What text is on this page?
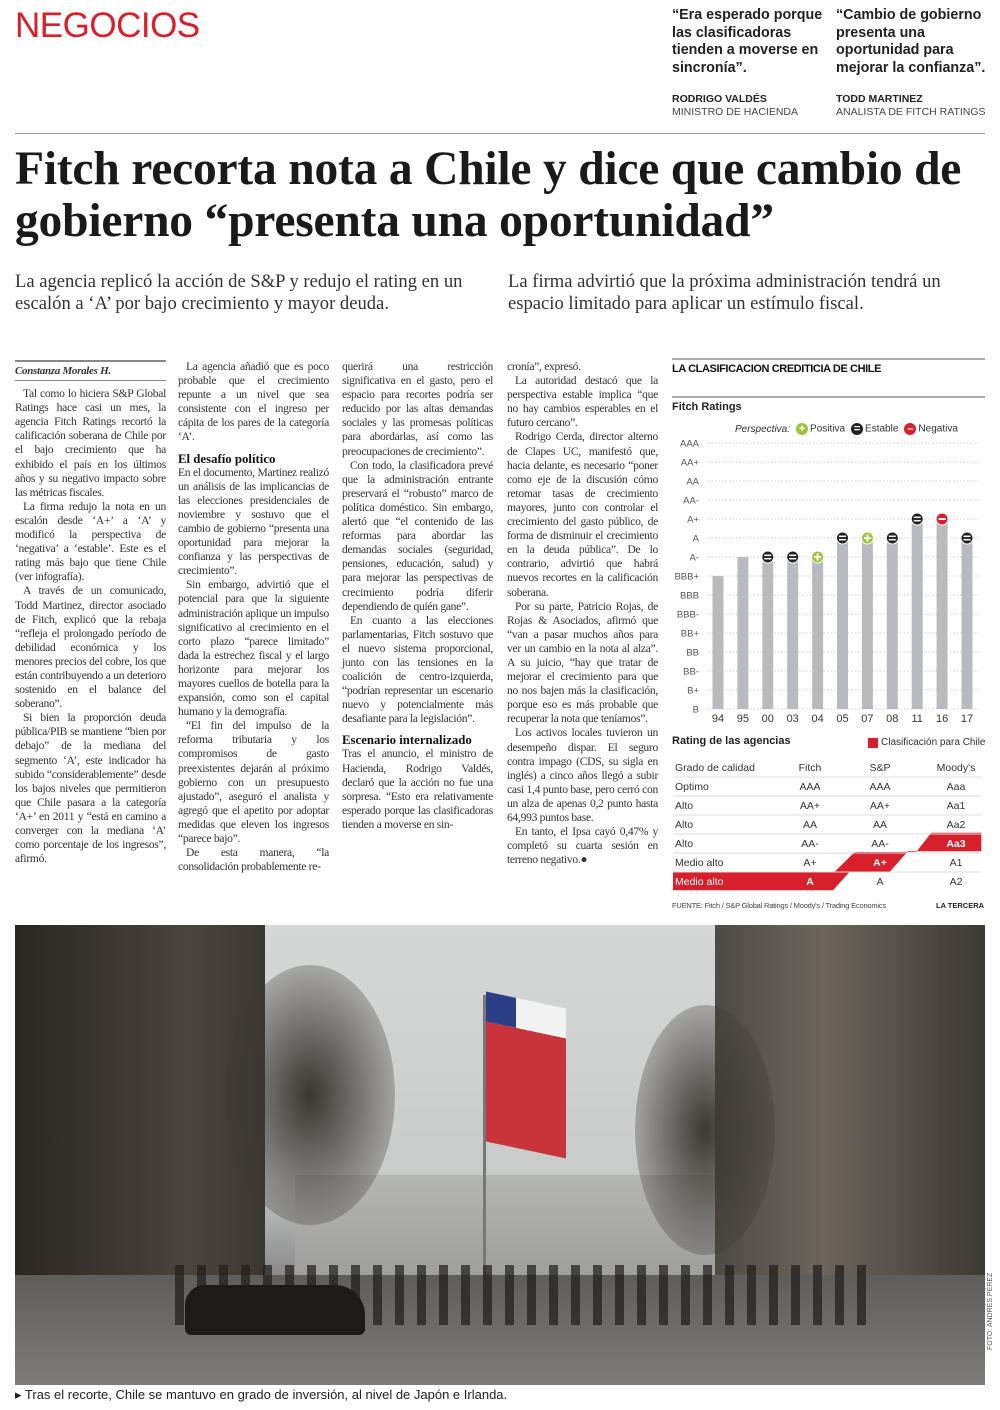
NEGOCIOS	“Era esperado porque las clasificadoras tienden a moverse en sincronía”.
RODRIGO VALDÉS
MINISTRO DE HACIENDA
“Cambio de gobierno presenta una oportunidad para mejorar la confianza”.
TODD MARTINEZ
ANALISTA DE FITCH RATINGS
Fitch recorta nota a Chile y dice que cambio de gobierno “presenta una oportunidad”
La agencia replicó la acción de S&P y redujo el rating en un escalón a ‘A’ por bajo crecimiento y mayor deuda.
La firma advirtió que la próxima administración tendrá un espacio limitado para aplicar un estímulo fiscal.
Constanza Morales H.

Tal como lo hiciera S&P Global Ratings hace casi un mes, la agencia Fitch Ratings recortó la calificación soberana de Chile por el bajo crecimiento que ha exhibido el país en los últimos años y su negativo impacto sobre las métricas fiscales.

La firma redujo la nota en un escalón desde ‘A+’ a ‘A’ y modificó la perspectiva de ‘negativa’ a ‘estable’. Este es el rating más bajo que tiene Chile (ver infografía).

A través de un comunicado, Todd Martinez, director asociado de Fitch, explicó que la rebaja “refleja el prolongado período de debilidad económica y los menores precios del cobre, los que están contribuyendo a un deterioro sostenido en el balance del soberano”.

Si bien la proporción deuda pública/PIB se mantiene “bien por debajo” de la mediana del segmento ‘A’, este indicador ha subido “considerablemente” desde los bajos niveles que permitieron que Chile pasara a la categoría ‘A+’ en 2011 y “está en camino a converger con la mediana ‘A’ como porcentaje de los ingresos”, afirmó.

La agencia añadió que es poco probable que el crecimiento repunte a un nivel que sea consistente con el ingreso per cápita de los pares de la categoría ‘A’.

El desafío político

En el documento, Martinez realizó un análisis de las implicancias de las elecciones presidenciales de noviembre y sostuvo que el cambio de gobierno “presenta una oportunidad para mejorar la confianza y las perspectivas de crecimiento”.

Sin embargo, advirtió que el potencial para que la siguiente administración aplique un impulso significativo al crecimiento en el corto plazo “parece limitado” dada la estrechez fiscal y el largo horizonte para mejorar los mayores cuellos de botella para la expansión, como son el capital humano y la demografía.

“El fin del impulso de la reforma tributaria y los compromisos de gasto preexistentes dejarán al próximo gobierno con un presupuesto ajustado”, aseguró el analista y agregó que el apetito por adoptar medidas que eleven los ingresos “parece bajo”.

De esta manera, “la consolidación probablemente re-

querirá una restricción significativa en el gasto, pero el espacio para recortes podría ser reducido por las altas demandas sociales y las promesas políticas para abordarlas, así como las preocupaciones de crecimiento”.

Con todo, la clasificadora prevé que la administración entrante preservará el “robusto” marco de política doméstico. Sin embargo, alertó que “el contenido de las reformas para abordar las demandas sociales (seguridad, pensiones, educación, salud) y para mejorar las perspectivas de crecimiento podría diferir dependiendo de quién gane”.

En cuanto a las elecciones parlamentarias, Fitch sostuvo que el nuevo sistema proporcional, junto con las tensiones en la coalición de centro-izquierda, “podrían representar un escenario nuevo y potencialmente más desafiante para la legislación”.

Escenario internalizado

Tras el anuncio, el ministro de Hacienda, Rodrigo Valdés, declaró que la acción no fue una sorpresa. “Esto era relativamente esperado porque las clasificadoras tienden a moverse en sin-

cronía”, expresó.

La autoridad destacó que la perspectiva estable implica “que no hay cambios esperables en el futuro cercano”.

Rodrigo Cerda, director alterno de Clapes UC, manifestó que, hacia delante, es necesario “poner como eje de la discusión cómo retomar tasas de crecimiento mayores, junto con controlar el crecimiento del gasto público, de forma de disminuir el crecimiento en la deuda pública”. De lo contrario, advirtió que habrá nuevos recortes en la calificación soberana.

Por su parte, Patricio Rojas, de Rojas & Asociados, afirmó que “van a pasar muchos años para ver un cambio en la nota al alza”. A su juicio, “hay que tratar de mejorar el crecimiento para que no nos bajen más la clasificación, porque eso es más probable que recuperar la nota que teníamos”.

Los activos locales tuvieron un desempeño dispar. El seguro contra impago (CDS, su sigla en inglés) a cinco años llegó a subir casi 1,4 punto base, pero cerró con un alza de apenas 0,2 punto hasta 64,993 puntos base.

En tanto, el Ipsa cayó 0,47% y completó su cuarta sesión en terreno negativo.●

LA CLASIFICACION CREDITICIA DE CHILE
Fitch Ratings
Perspectiva: + Positiva = Estable – Negativa
AAA
AA+
AA
AA-
A+
A
A-
BBB+
BBB
BBB-
BB+
BB
BB-
B+
B
94 95 00 03 04 05 07 08 11 16 17
Rating de las agencias	Clasificación para Chile
Grado de calidad	Fitch	S&P	Moody's
Optimo	AAA	AAA	Aaa
Alto	AA+	AA+	Aa1
Alto	AA	AA	Aa2
Alto	AA-	AA-	Aa3
Medio alto	A+	A+	A1
Medio alto	A	A	A2
FUENTE: Fitch / S&P Global Ratings / Moody's / Trading Economics	LA TERCERA
▸ Tras el recorte, Chile se mantuvo en grado de inversión, al nivel de Japón e Irlanda.
FOTO: ANDRÉS PÉREZ
